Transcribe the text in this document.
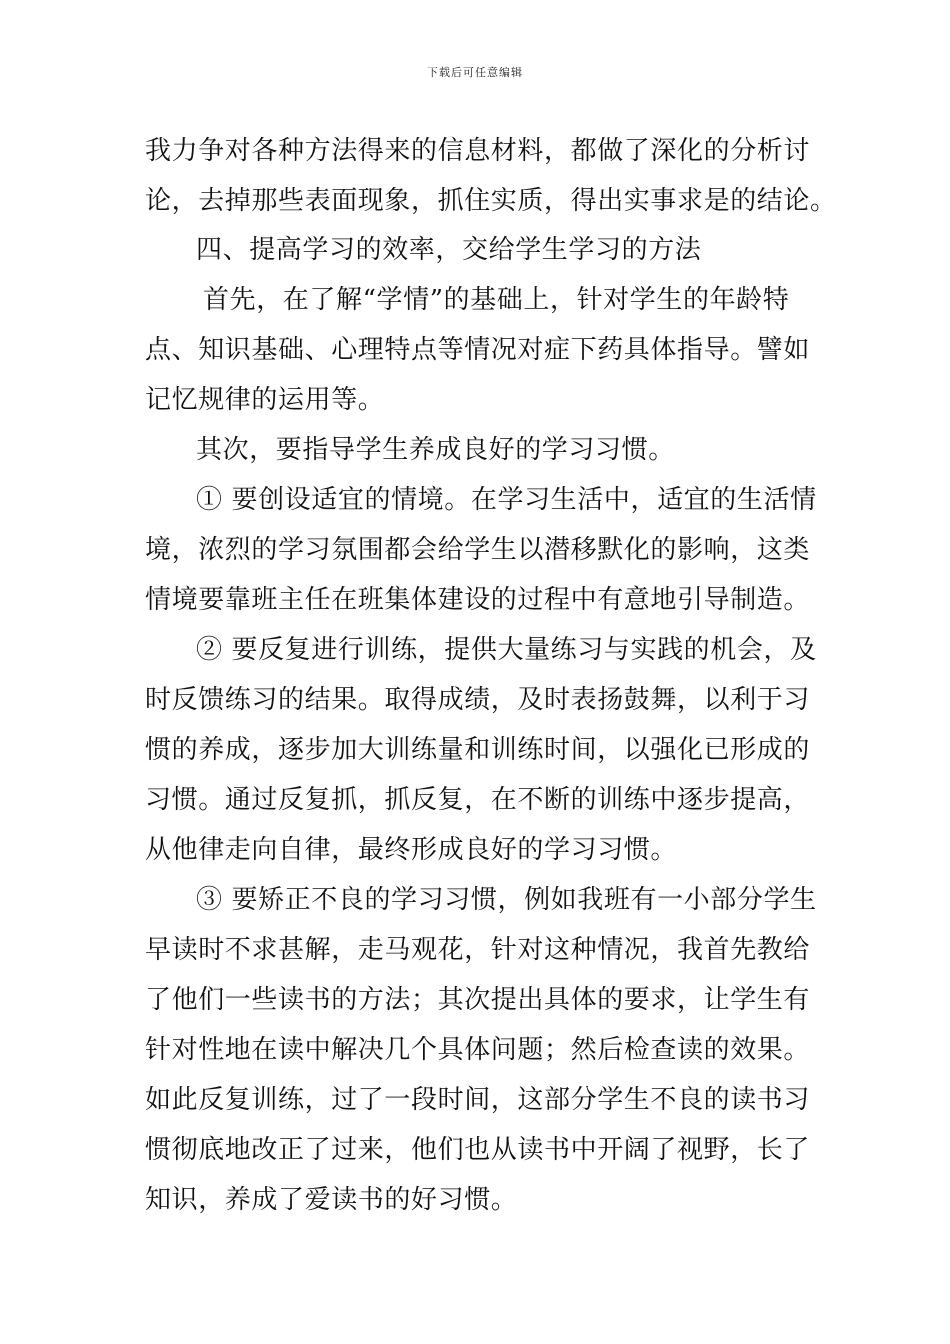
下载后可任意编辑
我力争对各种方法得来的信息材料，都做了深化的分析讨
论，去掉那些表面现象，抓住实质，得出实事求是的结论。
四、提高学习的效率，交给学生学习的方法
首先，在了解“学情”的基础上，针对学生的年龄特
点、知识基础、心理特点等情况对症下药具体指导。譬如
记忆规律的运用等。
其次，要指导学生养成良好的学习习惯。
① 要创设适宜的情境。在学习生活中，适宜的生活情
境，浓烈的学习氛围都会给学生以潜移默化的影响，这类
情境要靠班主任在班集体建设的过程中有意地引导制造。
② 要反复进行训练，提供大量练习与实践的机会，及
时反馈练习的结果。取得成绩，及时表扬鼓舞，以利于习
惯的养成，逐步加大训练量和训练时间，以强化已形成的
习惯。通过反复抓，抓反复，在不断的训练中逐步提高，
从他律走向自律，最终形成良好的学习习惯。
③ 要矫正不良的学习习惯，例如我班有一小部分学生
早读时不求甚解，走马观花，针对这种情况，我首先教给
了他们一些读书的方法；其次提出具体的要求，让学生有
针对性地在读中解决几个具体问题；然后检查读的效果。
如此反复训练，过了一段时间，这部分学生不良的读书习
惯彻底地改正了过来，他们也从读书中开阔了视野，长了
知识，养成了爱读书的好习惯。
